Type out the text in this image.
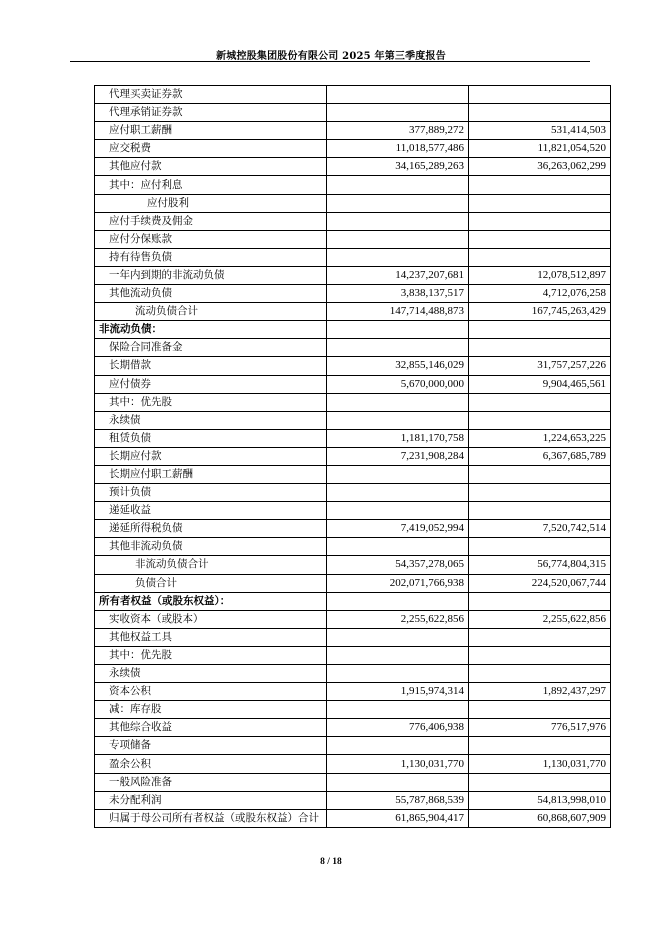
新城控股集团股份有限公司 2025 年第三季度报告
代理买卖证券款		
代理承销证券款		
应付职工薪酬	377,889,272	531,414,503
应交税费	11,018,577,486	11,821,054,520
其他应付款	34,165,289,263	36,263,062,299
其中：应付利息		
应付股利		
应付手续费及佣金		
应付分保账款		
持有待售负债		
一年内到期的非流动负债	14,237,207,681	12,078,512,897
其他流动负债	3,838,137,517	4,712,076,258
流动负债合计	147,714,488,873	167,745,263,429
非流动负债：		
保险合同准备金		
长期借款	32,855,146,029	31,757,257,226
应付债券	5,670,000,000	9,904,465,561
其中：优先股		
永续债		
租赁负债	1,181,170,758	1,224,653,225
长期应付款	7,231,908,284	6,367,685,789
长期应付职工薪酬		
预计负债		
递延收益		
递延所得税负债	7,419,052,994	7,520,742,514
其他非流动负债		
非流动负债合计	54,357,278,065	56,774,804,315
负债合计	202,071,766,938	224,520,067,744
所有者权益（或股东权益）：		
实收资本（或股本）	2,255,622,856	2,255,622,856
其他权益工具		
其中：优先股		
永续债		
资本公积	1,915,974,314	1,892,437,297
减：库存股		
其他综合收益	776,406,938	776,517,976
专项储备		
盈余公积	1,130,031,770	1,130,031,770
一般风险准备		
未分配利润	55,787,868,539	54,813,998,010
归属于母公司所有者权益（或股东权益）合计	61,865,904,417	60,868,607,909
8 / 18
